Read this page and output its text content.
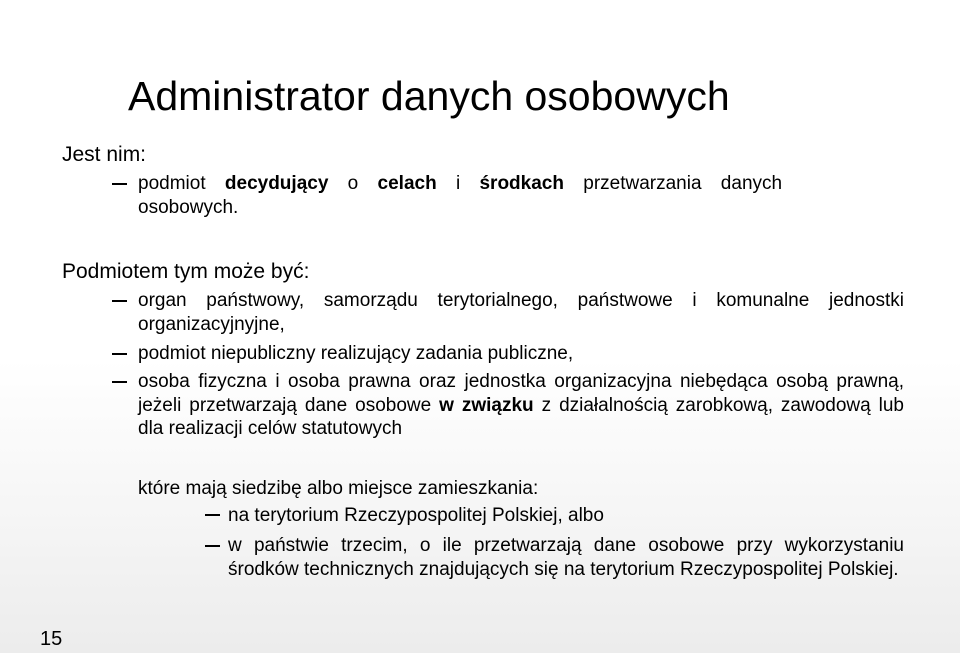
Administrator danych osobowych
Jest nim:
podmiot decydujący o celach i środkach przetwarzania danych
osobowych.
Podmiotem tym może być:
organ państwowy, samorządu terytorialnego, państwowe i komunalne jednostki organizacyjnyjne,
podmiot niepubliczny realizujący zadania publiczne,
osoba fizyczna i osoba prawna oraz jednostka organizacyjna niebędąca osobą prawną, jeżeli przetwarzają dane osobowe w związku z działalnością zarobkową, zawodową lub dla realizacji celów statutowych
które mają siedzibę albo miejsce zamieszkania:
na terytorium Rzeczypospolitej Polskiej, albo
w państwie trzecim, o ile przetwarzają dane osobowe przy wykorzystaniu środków technicznych znajdujących się na terytorium Rzeczypospolitej Polskiej.
15
